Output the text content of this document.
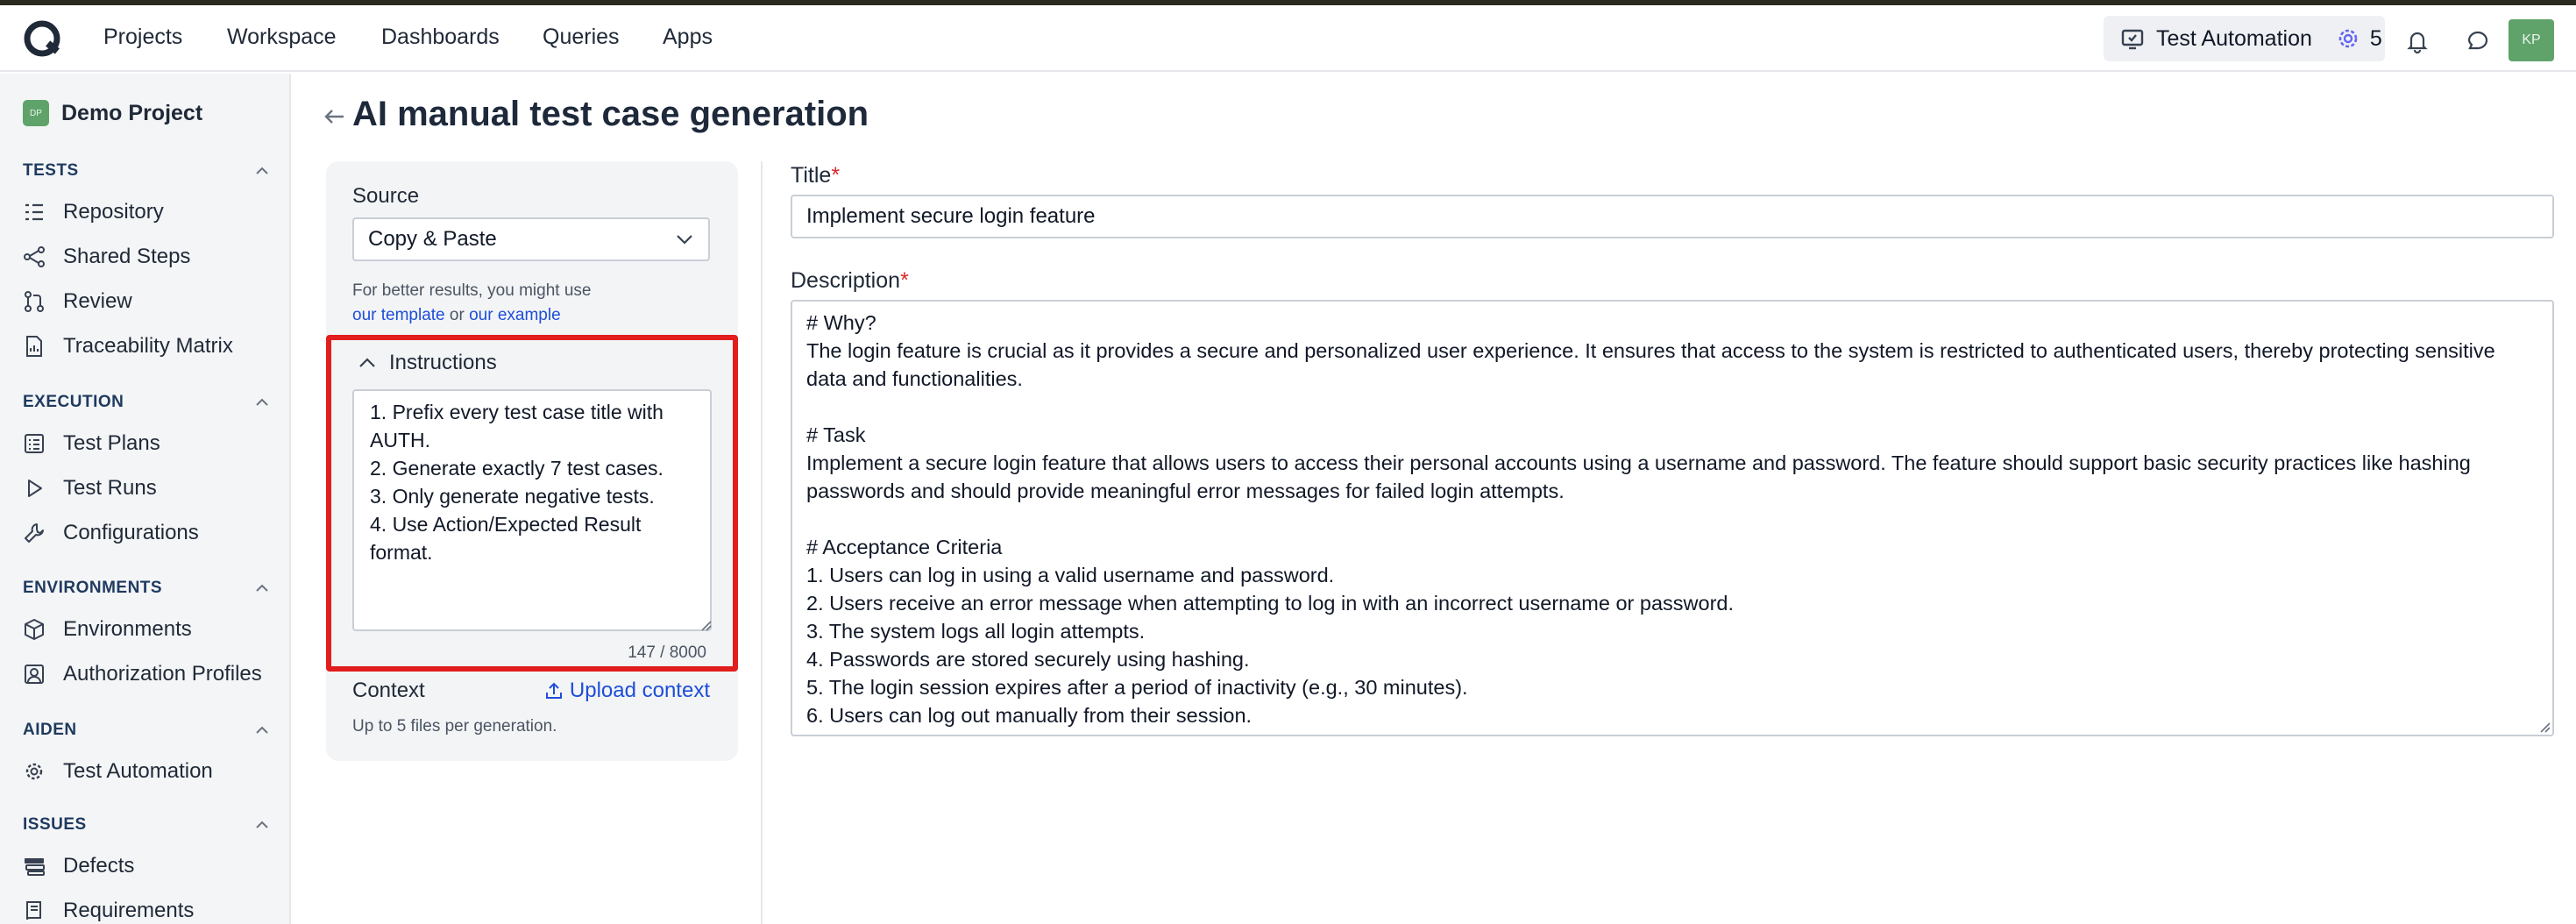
Projects Workspace Dashboards Queries Apps	Test Automation	5	KP
DP Demo Project
TESTS
Repository
Shared Steps
Review
Traceability Matrix
EXECUTION
Test Plans
Test Runs
Configurations
ENVIRONMENTS
Environments
Authorization Profiles
AIDEN
Test Automation
ISSUES
Defects
Requirements
AI manual test case generation
Source
Copy & Paste
For better results, you might use
our template or our example
Instructions
1. Prefix every test case title with AUTH.
2. Generate exactly 7 test cases.
3. Only generate negative tests.
4. Use Action/Expected Result format.
147 / 8000
Context	Upload context
Up to 5 files per generation.
Title*
Implement secure login feature
Description*
# Why?
The login feature is crucial as it provides a secure and personalized user experience. It ensures that access to the system is restricted to authenticated users, thereby protecting sensitive data and functionalities.

# Task
Implement a secure login feature that allows users to access their personal accounts using a username and password. The feature should support basic security practices like hashing passwords and should provide meaningful error messages for failed login attempts.

# Acceptance Criteria
1. Users can log in using a valid username and password.
2. Users receive an error message when attempting to log in with an incorrect username or password.
3. The system logs all login attempts.
4. Passwords are stored securely using hashing.
5. The login session expires after a period of inactivity (e.g., 30 minutes).
6. Users can log out manually from their session.
